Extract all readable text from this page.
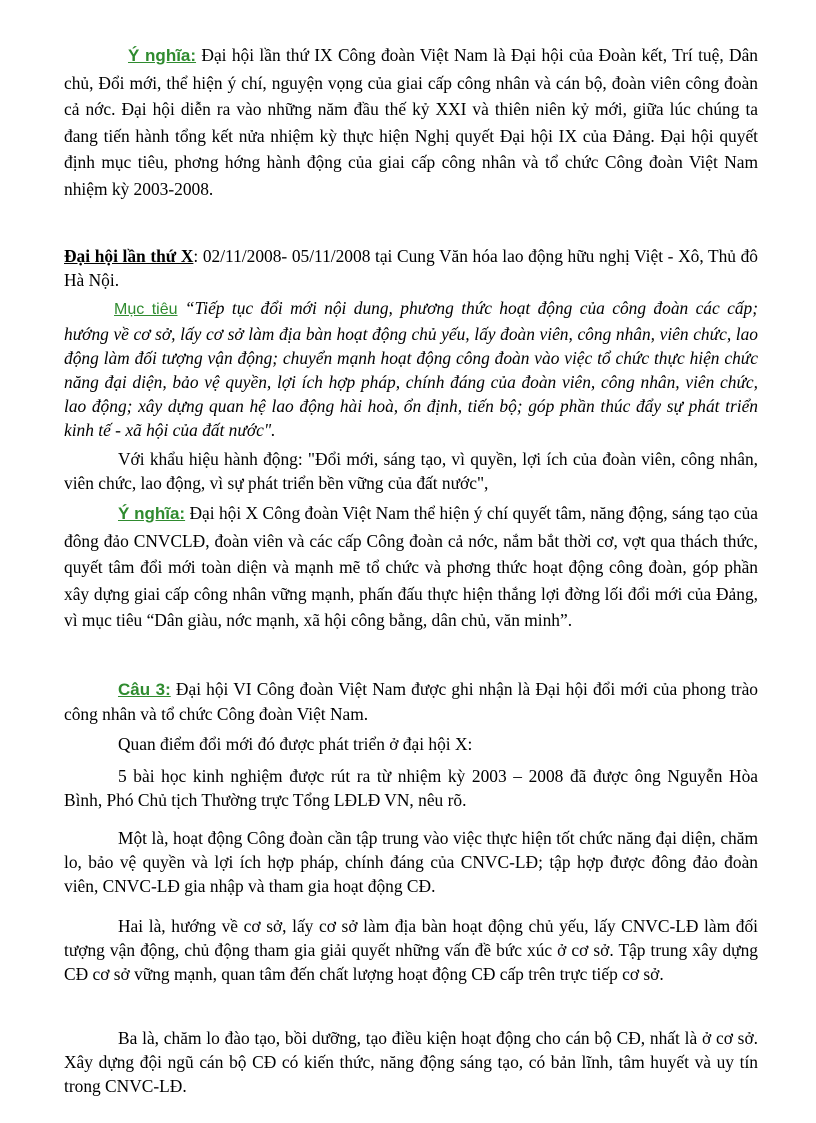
Ý nghĩa: Đại hội lần thứ IX Công đoàn Việt Nam là Đại hội của Đoàn kết, Trí tuệ, Dân chủ, Đổi mới, thể hiện ý chí, nguyện vọng của giai cấp công nhân và cán bộ, đoàn viên công đoàn cả nớc. Đại hội diễn ra vào những năm đầu thế kỷ XXI và thiên niên kỷ mới, giữa lúc chúng ta đang tiến hành tổng kết nửa nhiệm kỳ thực hiện Nghị quyết Đại hội IX của Đảng. Đại hội quyết định mục tiêu, phơng hớng hành động của giai cấp công nhân và tổ chức Công đoàn Việt Nam nhiệm kỳ 2003-2008.

Đại hội lần thứ X: 02/11/2008- 05/11/2008 tại Cung Văn hóa lao động hữu nghị Việt - Xô, Thủ đô Hà Nội.

Mục tiêu “Tiếp tục đổi mới nội dung, phương thức hoạt động của công đoàn các cấp; hướng về cơ sở, lấy cơ sở làm địa bàn hoạt động chủ yếu, lấy đoàn viên, công nhân, viên chức, lao động làm đối tượng vận động; chuyển mạnh hoạt động công đoàn vào việc tổ chức thực hiện chức năng đại diện, bảo vệ quyền, lợi ích hợp pháp, chính đáng của đoàn viên, công nhân, viên chức, lao động; xây dựng quan hệ lao động hài hoà, ổn định, tiến bộ; góp phần thúc đẩy sự phát triển kinh tế - xã hội của đất nước".

Với khẩu hiệu hành động: "Đổi mới, sáng tạo, vì quyền, lợi ích của đoàn viên, công nhân, viên chức, lao động, vì sự phát triển bền vững của đất nước",

Ý nghĩa: Đại hội X Công đoàn Việt Nam thể hiện ý chí quyết tâm, năng động, sáng tạo của đông đảo CNVCLĐ, đoàn viên và các cấp Công đoàn cả nớc, nắm bắt thời cơ, vợt qua thách thức, quyết tâm đổi mới toàn diện và mạnh mẽ tổ chức và phơng thức hoạt động công đoàn, góp phần xây dựng giai cấp công nhân vững mạnh, phấn đấu thực hiện thắng lợi đờng lối đổi mới của Đảng, vì mục tiêu “Dân giàu, nớc mạnh, xã hội công bằng, dân chủ, văn minh”.

Câu 3: Đại hội VI Công đoàn Việt Nam được ghi nhận là Đại hội đổi mới của phong trào công nhân và tổ chức Công đoàn Việt Nam.

Quan điểm đổi mới đó được phát triển ở đại hội X:

5 bài học kinh nghiệm được rút ra từ nhiệm kỳ 2003 – 2008 đã được ông Nguyễn Hòa Bình, Phó Chủ tịch Thường trực Tổng LĐLĐ VN, nêu rõ.

Một là, hoạt động Công đoàn cần tập trung vào việc thực hiện tốt chức năng đại diện, chăm lo, bảo vệ quyền và lợi ích hợp pháp, chính đáng của CNVC-LĐ; tập hợp được đông đảo đoàn viên, CNVC-LĐ gia nhập và tham gia hoạt động CĐ.

Hai là, hướng về cơ sở, lấy cơ sở làm địa bàn hoạt động chủ yếu, lấy CNVC-LĐ làm đối tượng vận động, chủ động tham gia giải quyết những vấn đề bức xúc ở cơ sở. Tập trung xây dựng CĐ cơ sở vững mạnh, quan tâm đến chất lượng hoạt động CĐ cấp trên trực tiếp cơ sở.

Ba là, chăm lo đào tạo, bồi dưỡng, tạo điều kiện hoạt động cho cán bộ CĐ, nhất là ở cơ sở. Xây dựng đội ngũ cán bộ CĐ có kiến thức, năng động sáng tạo, có bản lĩnh, tâm huyết và uy tín trong CNVC-LĐ.
